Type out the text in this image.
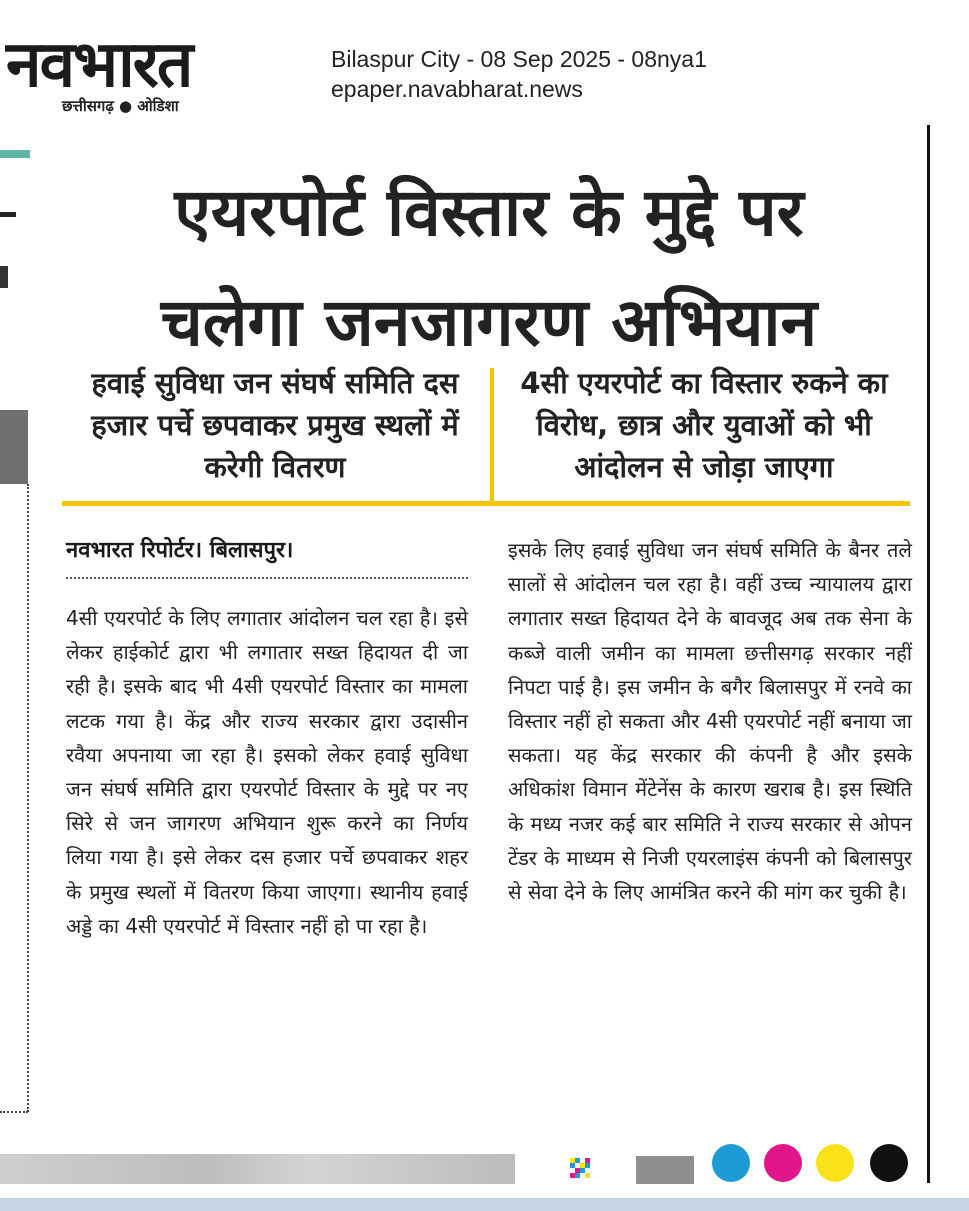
नवभारत
छत्तीसगढ़ ● ओडिशा
Bilaspur City - 08 Sep 2025 - 08nya1
epaper.navabharat.news
एयरपोर्ट विस्तार के मुद्दे पर
चलेगा जनजागरण अभियान
हवाई सुविधा जन संघर्ष समिति दस हजार पर्चे छपवाकर प्रमुख स्थलों में करेगी वितरण
4सी एयरपोर्ट का विस्तार रुकने का विरोध, छात्र और युवाओं को भी आंदोलन से जोड़ा जाएगा
नवभारत रिपोर्टर। बिलासपुर।
4सी एयरपोर्ट के लिए लगातार आंदोलन चल रहा है। इसे लेकर हाईकोर्ट द्वारा भी लगातार सख्त हिदायत दी जा रही है। इसके बाद भी 4सी एयरपोर्ट विस्तार का मामला लटक गया है। केंद्र और राज्य सरकार द्वारा उदासीन रवैया अपनाया जा रहा है। इसको लेकर हवाई सुविधा जन संघर्ष समिति द्वारा एयरपोर्ट विस्तार के मुद्दे पर नए सिरे से जन जागरण अभियान शुरू करने का निर्णय लिया गया है। इसे लेकर दस हजार पर्चे छपवाकर शहर के प्रमुख स्थलों में वितरण किया जाएगा। स्थानीय हवाई अड्डे का 4सी एयरपोर्ट में विस्तार नहीं हो पा रहा है।
इसके लिए हवाई सुविधा जन संघर्ष समिति के बैनर तले सालों से आंदोलन चल रहा है। वहीं उच्च न्यायालय द्वारा लगातार सख्त हिदायत देने के बावजूद अब तक सेना के कब्जे वाली जमीन का मामला छत्तीसगढ़ सरकार नहीं निपटा पाई है। इस जमीन के बगैर बिलासपुर में रनवे का विस्तार नहीं हो सकता और 4सी एयरपोर्ट नहीं बनाया जा सकता। यह केंद्र सरकार की कंपनी है और इसके अधिकांश विमान मेंटेनेंस के कारण खराब है। इस स्थिति के मध्य नजर कई बार समिति ने राज्य सरकार से ओपन टेंडर के माध्यम से निजी एयरलाइंस कंपनी को बिलासपुर से सेवा देने के लिए आमंत्रित करने की मांग कर चुकी है।
